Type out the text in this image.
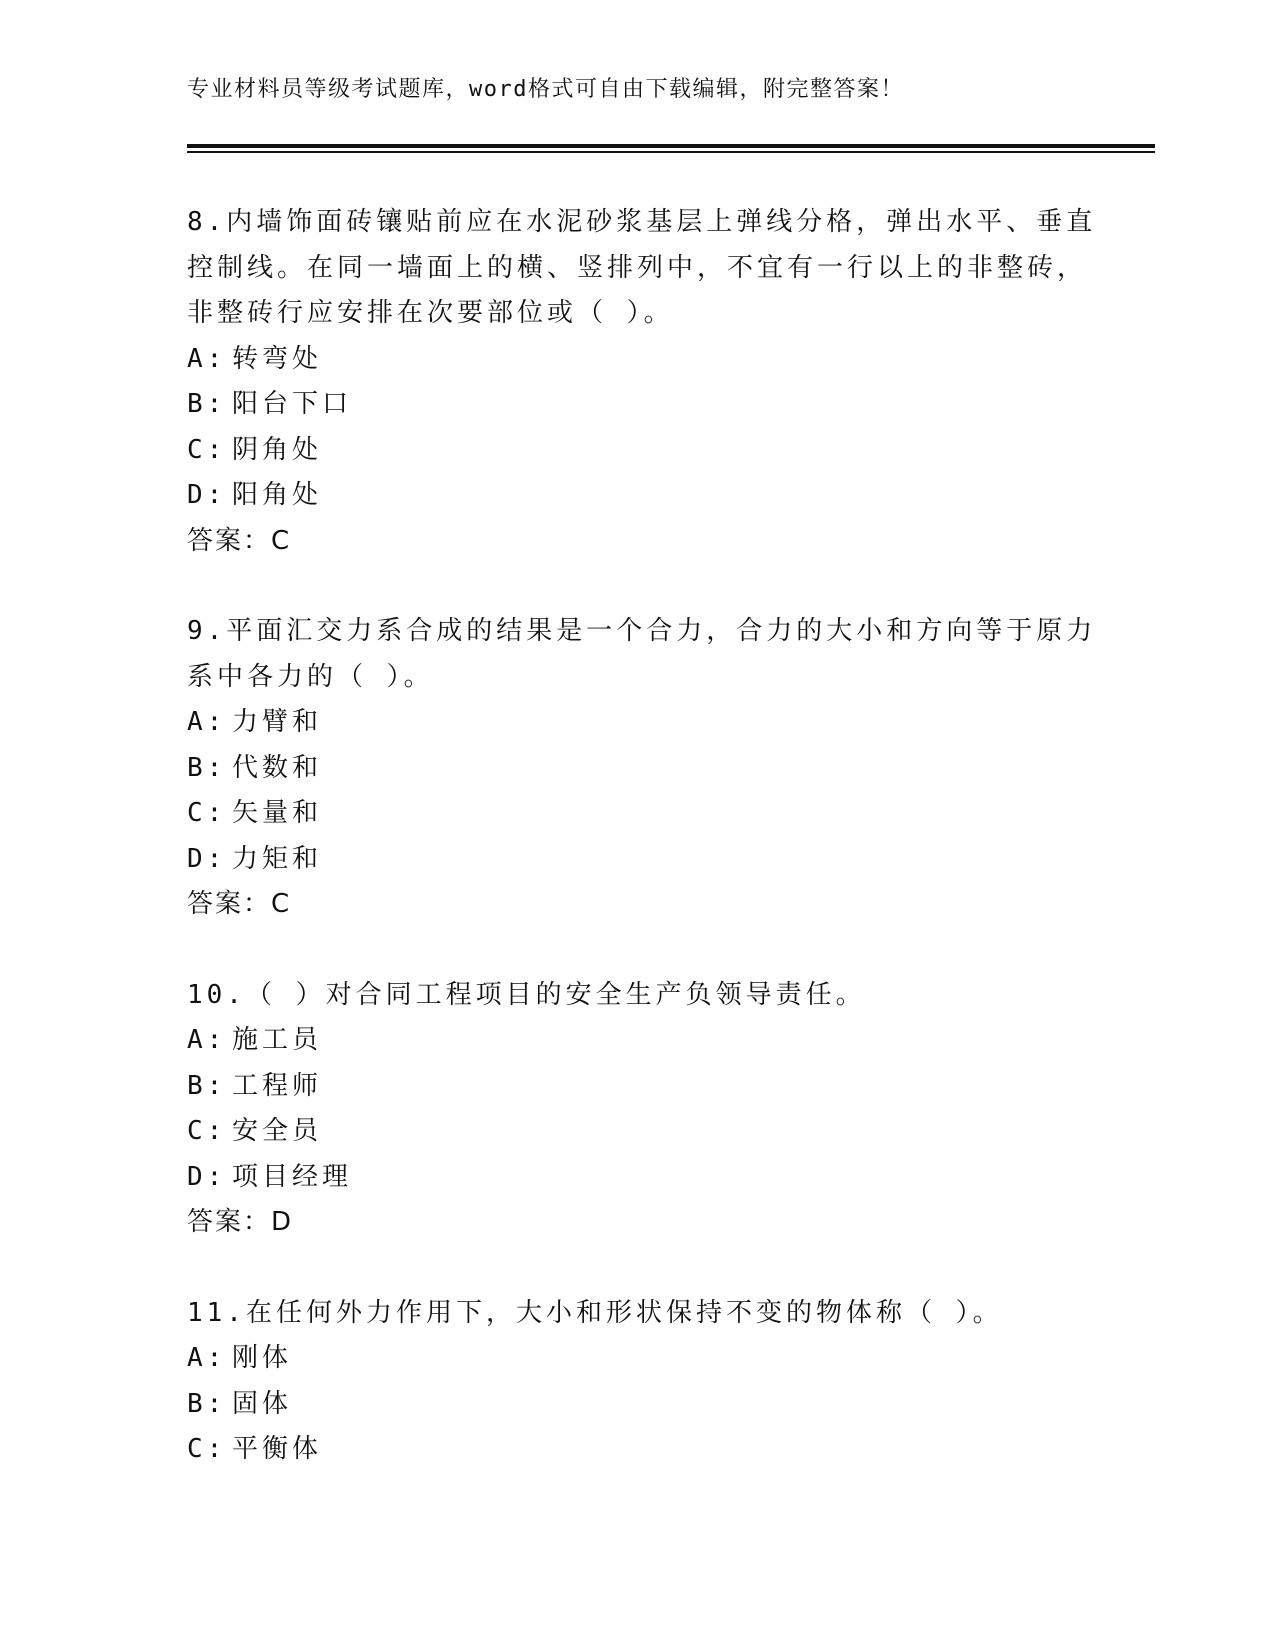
专业材料员等级考试题库，word格式可自由下载编辑，附完整答案！
8.内墙饰面砖镶贴前应在水泥砂浆基层上弹线分格，弹出水平、垂直
控制线。在同一墙面上的横、竖排列中，不宜有一行以上的非整砖，
非整砖行应安排在次要部位或（ ）。
A: 转弯处
B: 阳台下口
C: 阴角处
D: 阳角处
答案：C
9.平面汇交力系合成的结果是一个合力，合力的大小和方向等于原力
系中各力的（ ）。
A: 力臂和
B: 代数和
C: 矢量和
D: 力矩和
答案：C
10.（ ）对合同工程项目的安全生产负领导责任。
A: 施工员
B: 工程师
C: 安全员
D: 项目经理
答案：D
11.在任何外力作用下，大小和形状保持不变的物体称（ ）。
A: 刚体
B: 固体
C: 平衡体
